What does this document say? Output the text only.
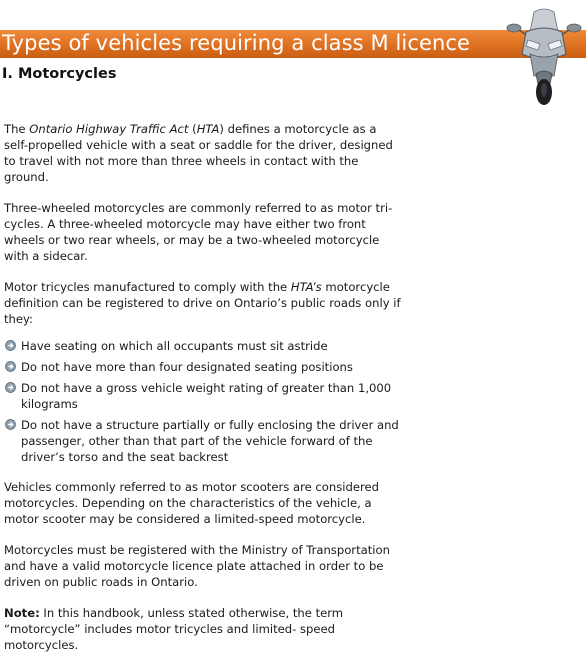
Types of vehicles requiring a class M licence
I. Motorcycles

The Ontario Highway Traffic Act (HTA) defines a motorcycle as a self-propelled vehicle with a seat or saddle for the driver, designed to travel with not more than three wheels in contact with the ground.

Three-wheeled motorcycles are commonly referred to as motor tri-cycles. A three-wheeled motorcycle may have either two front wheels or two rear wheels, or may be a two-wheeled motorcycle with a sidecar.

Motor tricycles manufactured to comply with the HTA’s motorcycle definition can be registered to drive on Ontario’s public roads only if they:

Have seating on which all occupants must sit astride
Do not have more than four designated seating positions
Do not have a gross vehicle weight rating of greater than 1,000 kilograms
Do not have a structure partially or fully enclosing the driver and passenger, other than that part of the vehicle forward of the driver’s torso and the seat backrest

Vehicles commonly referred to as motor scooters are considered motorcycles. Depending on the characteristics of the vehicle, a motor scooter may be considered a limited-speed motorcycle.

Motorcycles must be registered with the Ministry of Transportation and have a valid motorcycle licence plate attached in order to be driven on public roads in Ontario.

Note: In this handbook, unless stated otherwise, the term “motorcycle” includes motor tricycles and limited- speed motorcycles.
